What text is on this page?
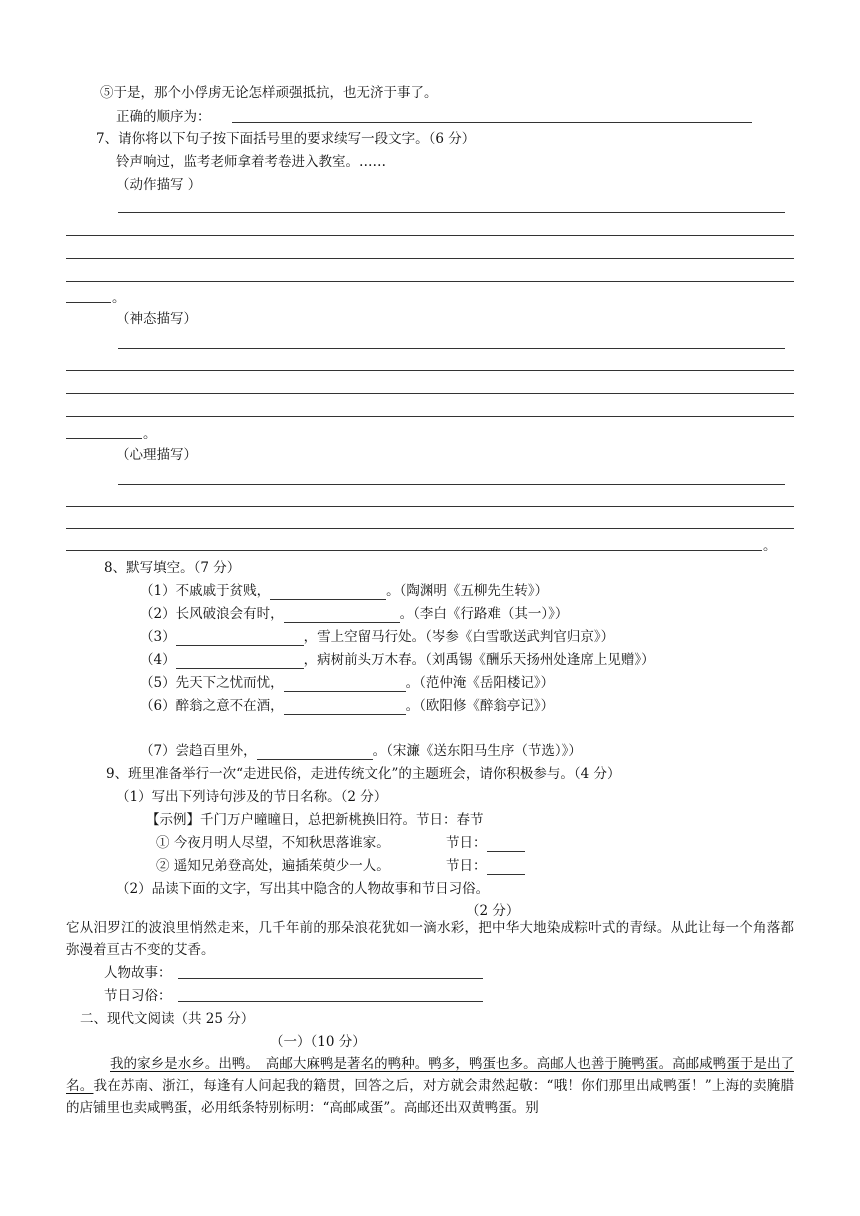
⑤于是，那个小俘虏无论怎样顽强抵抗，也无济于事了。
正确的顺序为：
7、请你将以下句子按下面括号里的要求续写一段文字。（6 分）
铃声响过，监考老师拿着考卷进入教室。……
（动作描写 ）
。
（神态描写）
。
（心理描写）
。
8、默写填空。（7 分）
（1）不戚戚于贫贱，	。（陶渊明《五柳先生转》）
（2）长风破浪会有时，	。（李白《行路难（其一）》）
（3）	，雪上空留马行处。（岑参《白雪歌送武判官归京》）
（4）	，病树前头万木春。（刘禹锡《酬乐天扬州处逢席上见赠》）
（5）先天下之忧而忧，	。（范仲淹《岳阳楼记》）
（6）醉翁之意不在酒，	。（欧阳修《醉翁亭记》）
（7）尝趋百里外，	。（宋濂《送东阳马生序（节选）》）
9、班里准备举行一次“走进民俗，走进传统文化”的主题班会，请你积极参与。（4 分）
（1）写出下列诗句涉及的节日名称。（2 分）
【示例】千门万户曈曈日，总把新桃换旧符。节日：春节
① 今夜月明人尽望，不知秋思落谁家。	节日：
② 遥知兄弟登高处，遍插茱萸少一人。	节日：
（2）品读下面的文字，写出其中隐含的人物故事和节日习俗。
（2 分）
它从汨罗江的波浪里悄然走来，几千年前的那朵浪花犹如一滴水彩，把中华大地染成粽叶式的青绿。从此让每一个角落都弥漫着亘古不变的艾香。
人物故事：
节日习俗：
二、现代文阅读（共 25 分）
（一）（10 分）
我的家乡是水乡。出鸭。　高邮大麻鸭是著名的鸭种。鸭多，鸭蛋也多。高邮人也善于腌鸭蛋。高邮咸鸭蛋于是出了名。我在苏南、浙江，每逢有人问起我的籍贯，回答之后，对方就会肃然起敬：“哦！你们那里出咸鸭蛋！”上海的卖腌腊的店铺里也卖咸鸭蛋，必用纸条特别标明：“高邮咸蛋”。高邮还出双黄鸭蛋。别
